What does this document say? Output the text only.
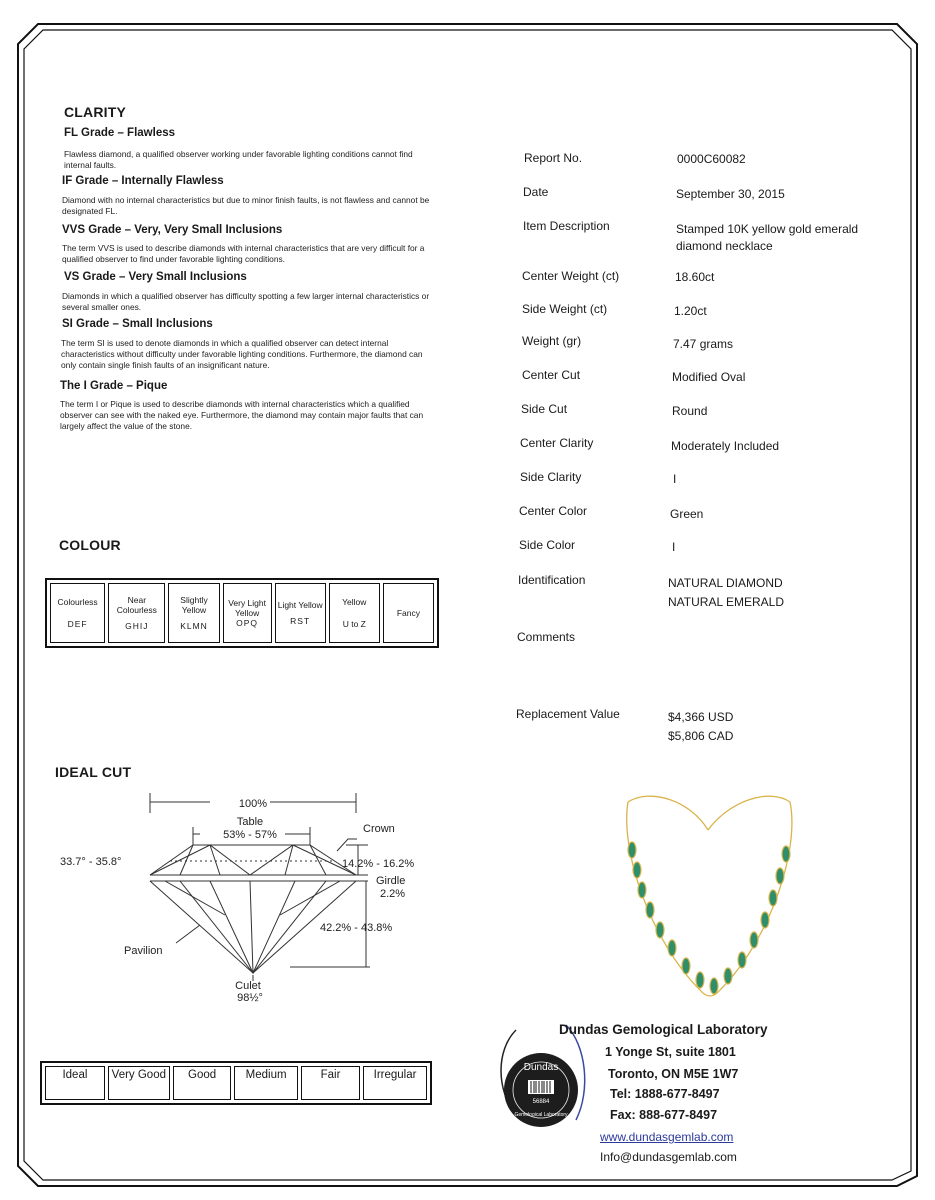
CLARITY
FL Grade – Flawless
Flawless diamond, a qualified observer working under favorable lighting conditions cannot find internal faults.
IF Grade – Internally Flawless
Diamond with no internal characteristics but due to minor finish faults, is not flawless and cannot be designated FL.
VVS Grade – Very, Very Small Inclusions
The term VVS is used to describe diamonds with internal characteristics that are very difficult for a qualified observer to find under favorable lighting conditions.
VS Grade – Very Small Inclusions
Diamonds in which a qualified observer has difficulty spotting a few larger internal characteristics or several smaller ones.
SI Grade – Small Inclusions
The term SI is used to denote diamonds in which a qualified observer can detect internal characteristics without difficulty under favorable lighting conditions. Furthermore, the diamond can only contain single finish faults of an insignificant nature.
The I Grade – Pique
The term I or Pique is used to describe diamonds with internal characteristics which a qualified observer can see with the naked eye. Furthermore, the diamond may contain major faults that can largely affect the value of the stone.
COLOUR
Colourless
DEF

Near Colourless
GHIJ

Slightly Yellow
KLMN

Very Light Yellow
OPQ

Light Yellow
RST

Yellow
U to Z

Fancy
IDEAL CUT
100%
Table
53% - 57%	Crown
33.7° - 35.8°	14.2% - 16.2%
Girdle
2.2%
42.2% - 43.8%
Pavilion
Culet
98½°
Ideal	Very Good	Good	Medium	Fair	Irregular
Report No.	0000C60082
Date	September 30, 2015
Item Description	Stamped 10K yellow gold emerald diamond necklace
Center Weight (ct)	18.60ct
Side Weight (ct)	1.20ct
Weight (gr)	7.47 grams
Center Cut	Modified Oval
Side Cut	Round
Center Clarity	Moderately Included
Side Clarity	I
Center Color	Green
Side Color	I
Identification	NATURAL DIAMOND
NATURAL EMERALD
Comments
Replacement Value	$4,366 USD
$5,806 CAD
Dundas
56884
Gemological Laboratory
Dundas Gemological Laboratory
1 Yonge St, suite 1801
Toronto, ON M5E 1W7
Tel: 1888-677-8497
Fax: 888-677-8497
www.dundasgemlab.com
Info@dundasgemlab.com
